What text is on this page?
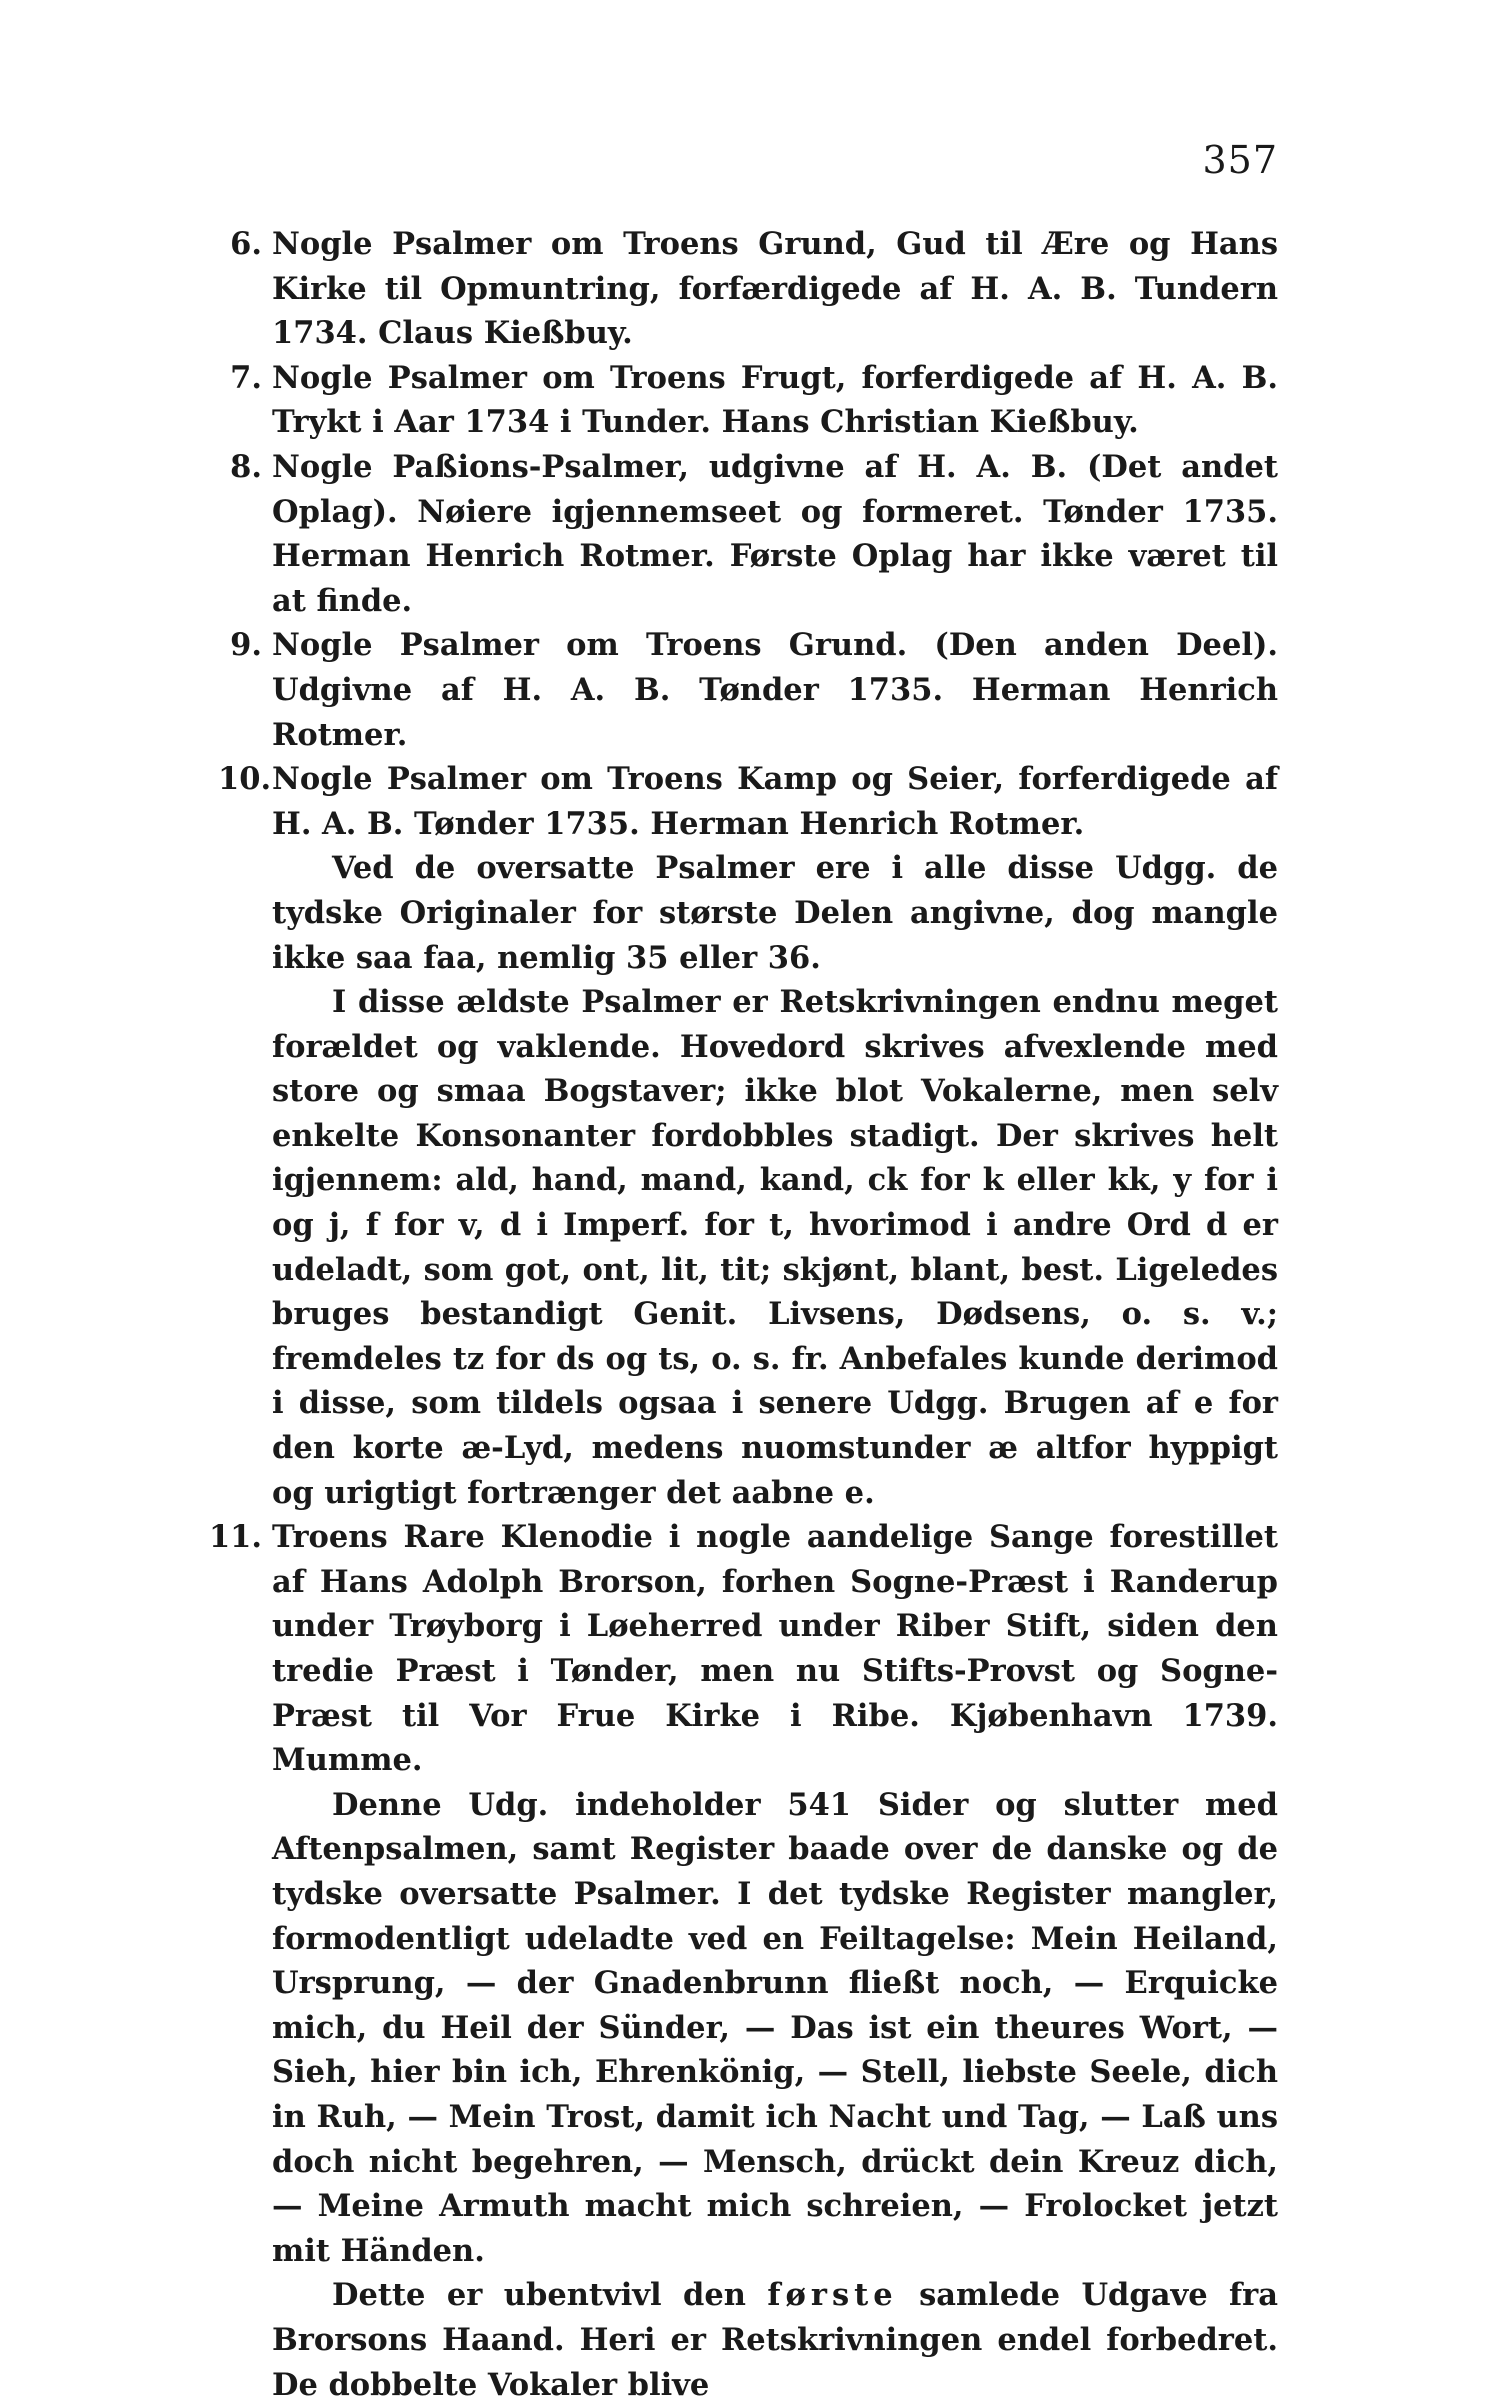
357
6. Nogle Psalmer om Troens Grund, Gud til Ære og Hans Kirke til Opmuntring, forfærdigede af H. A. B. Tundern 1734. Claus Kießbuy.
7. Nogle Psalmer om Troens Frugt, forferdigede af H. A. B. Trykt i Aar 1734 i Tunder. Hans Christian Kießbuy.
8. Nogle Paßions-Psalmer, udgivne af H. A. B. (Det andet Oplag). Nøiere igjennemseet og formeret. Tønder 1735. Herman Henrich Rotmer. Første Oplag har ikke været til at finde.
9. Nogle Psalmer om Troens Grund. (Den anden Deel). Udgivne af H. A. B. Tønder 1735. Herman Henrich Rotmer.
10. Nogle Psalmer om Troens Kamp og Seier, forferdigede af H. A. B. Tønder 1735. Herman Henrich Rotmer.
Ved de oversatte Psalmer ere i alle disse Udgg. de tydske Originaler for største Delen angivne, dog mangle ikke saa faa, nemlig 35 eller 36.
I disse ældste Psalmer er Retskrivningen endnu meget forældet og vaklende. Hovedord skrives afvexlende med store og smaa Bogstaver; ikke blot Vokalerne, men selv enkelte Konsonanter fordobbles stadigt. Der skrives helt igjennem: ald, hand, mand, kand, ck for k eller kk, y for i og j, f for v, d i Imperf. for t, hvorimod i andre Ord d er udeladt, som got, ont, lit, tit; skjønt, blant, best. Ligeledes bruges bestandigt Genit. Livsens, Dødsens, o. s. v.; fremdeles tz for ds og ts, o. s. fr. Anbefales kunde derimod i disse, som tildels ogsaa i senere Udgg. Brugen af e for den korte æ-Lyd, medens nuomstunder æ altfor hyppigt og urigtigt fortrænger det aabne e.
11. Troens Rare Klenodie i nogle aandelige Sange forestillet af Hans Adolph Brorson, forhen Sogne-Præst i Randerup under Trøyborg i Løeherred under Riber Stift, siden den tredie Præst i Tønder, men nu Stifts-Provst og Sogne-Præst til Vor Frue Kirke i Ribe. Kjøbenhavn 1739. Mumme.
Denne Udg. indeholder 541 Sider og slutter med Aftenpsalmen, samt Register baade over de danske og de tydske oversatte Psalmer. I det tydske Register mangler, formodentligt udeladte ved en Feiltagelse: Mein Heiland, Ursprung, — der Gnadenbrunn fließt noch, — Erquicke mich, du Heil der Sünder, — Das ist ein theures Wort, — Sieh, hier bin ich, Ehrenkönig, — Stell, liebste Seele, dich in Ruh, — Mein Trost, damit ich Nacht und Tag, — Laß uns doch nicht begehren, — Mensch, drückt dein Kreuz dich, — Meine Armuth macht mich schreien, — Frolocket jetzt mit Händen.
Dette er ubentvivl den første samlede Udgave fra Brorsons Haand. Heri er Retskrivningen endel forbedret. De dobbelte Vokaler blive
